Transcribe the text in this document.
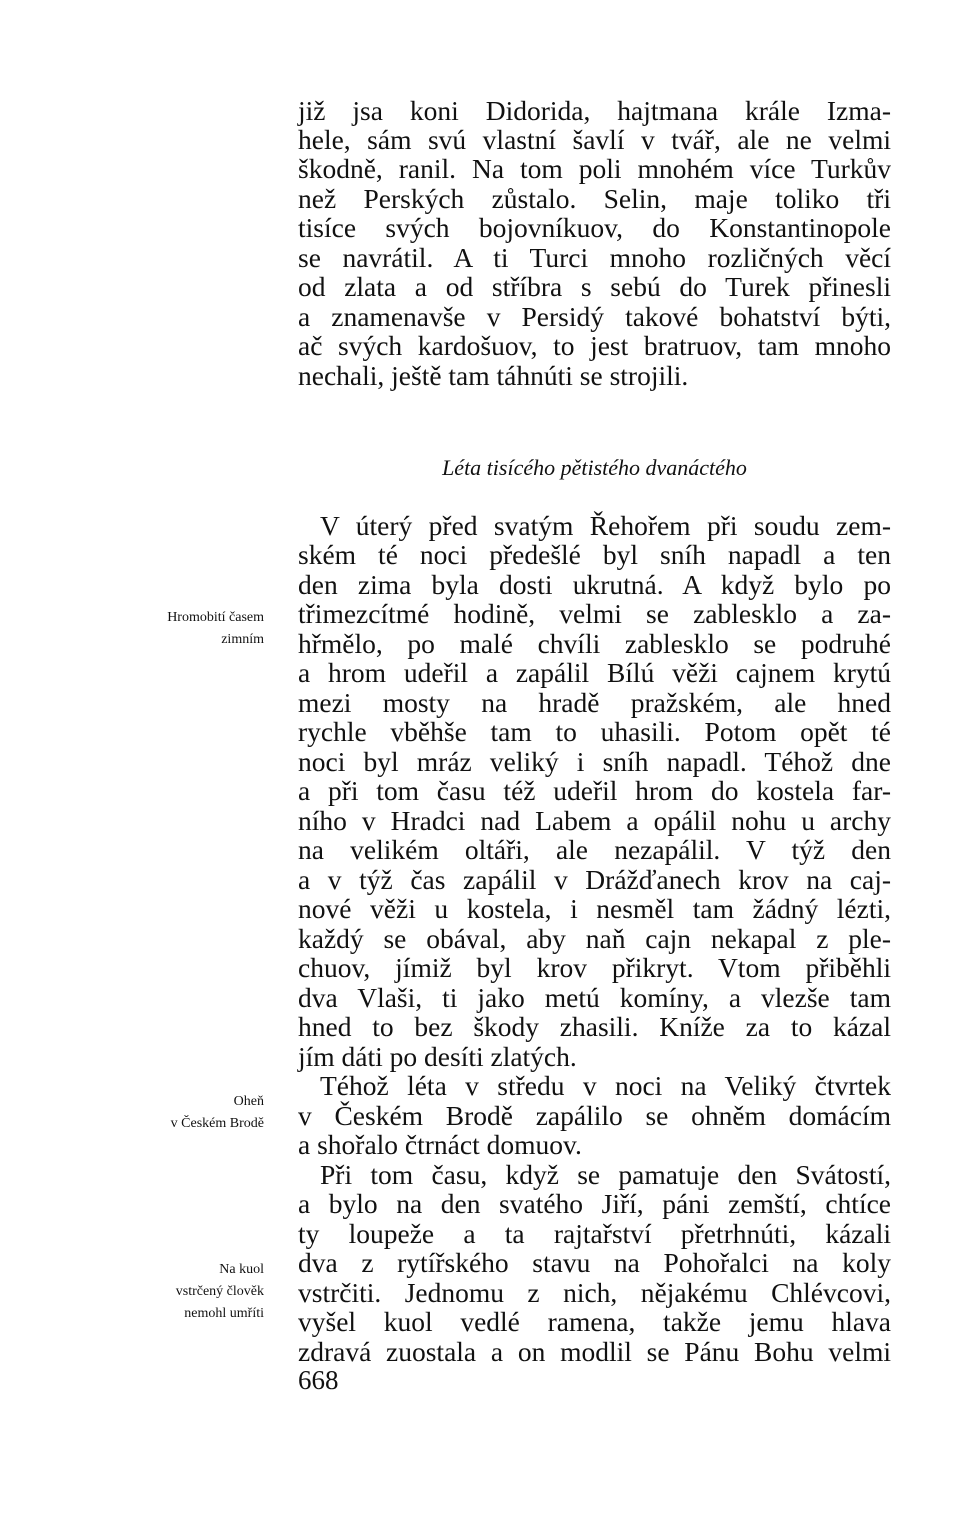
již jsa koni Didorida, hajtmana krále Izma-
hele, sám svú vlastní šavlí v tvář, ale ne velmi
škodně, ranil. Na tom poli mnohém více Turkův
než Perských zůstalo. Selin, maje toliko tři
tisíce svých bojovníkuov, do Konstantinopole
se navrátil. A ti Turci mnoho rozličných věcí
od zlata a od stříbra s sebú do Turek přinesli
a znamenavše v Persidý takové bohatství býti,
ač svých kardošuov, to jest bratruov, tam mnoho
nechali, ještě tam táhnúti se strojili.
Léta tisícého pětistého dvanáctého
V úterý před svatým Řehořem při soudu zem-
ském té noci předešlé byl sníh napadl a ten
den zima byla dosti ukrutná. A když bylo po
třimezcítmé hodině, velmi se zablesklo a za-
hřmělo, po malé chvíli zablesklo se podruhé
a hrom udeřil a zapálil Bílú věži cajnem krytú
mezi mosty na hradě pražském, ale hned
rychle vběhše tam to uhasili. Potom opět té
noci byl mráz veliký i sníh napadl. Téhož dne
a při tom času též udeřil hrom do kostela far-
ního v Hradci nad Labem a opálil nohu u archy
na velikém oltáři, ale nezapálil. V týž den
a v týž čas zapálil v Drážďanech krov na caj-
nové věži u kostela, i nesměl tam žádný lézti,
každý se obával, aby naň cajn nekapal z ple-
chuov, jímiž byl krov přikryt. Vtom přiběhli
dva Vlaši, ti jako metú komíny, a vlezše tam
hned to bez škody zhasili. Kníže za to kázal
jím dáti po desíti zlatých.
Téhož léta v středu v noci na Veliký čtvrtek
v Českém Brodě zapálilo se ohněm domácím
a shořalo čtrnáct domuov.
Při tom času, když se pamatuje den Svátostí,
a bylo na den svatého Jiří, páni zemští, chtíce
ty loupeže a ta rajtařství přetrhnúti, kázali
dva z rytířského stavu na Pohořalci na koly
vstrčiti. Jednomu z nich, nějakému Chlévcovi,
vyšel kuol vedlé ramena, takže jemu hlava
zdravá zuostala a on modlil se Pánu Bohu velmi
Hromobití časem
zimním
Oheň
v Českém Brodě
Na kuol
vstrčený člověk
nemohl umříti
668
